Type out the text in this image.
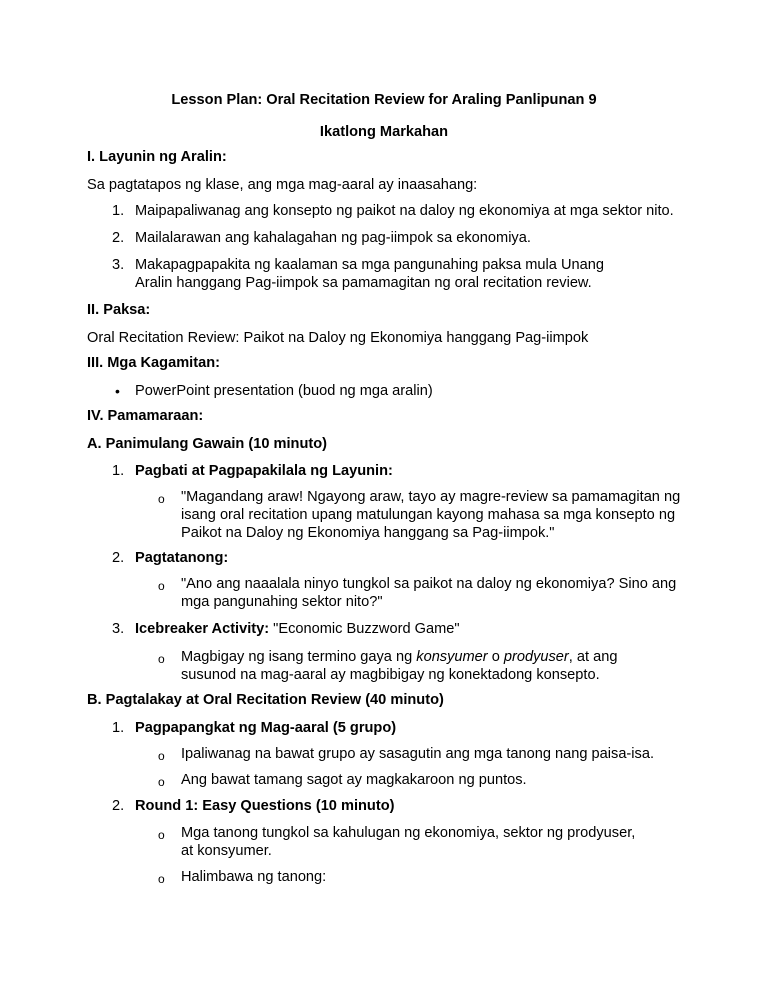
Lesson Plan: Oral Recitation Review for Araling Panlipunan 9

Ikatlong Markahan

I. Layunin ng Aralin:

Sa pagtatapos ng klase, ang mga mag-aaral ay inaasahang:

1. Maipapaliwanag ang konsepto ng paikot na daloy ng ekonomiya at mga sektor nito.

2. Mailalarawan ang kahalagahan ng pag-iimpok sa ekonomiya.

3. Makapagpapakita ng kaalaman sa mga pangunahing paksa mula Unang Aralin hanggang Pag-iimpok sa pamamagitan ng oral recitation review.

II. Paksa:

Oral Recitation Review: Paikot na Daloy ng Ekonomiya hanggang Pag-iimpok

III. Mga Kagamitan:

• PowerPoint presentation (buod ng mga aralin)

IV. Pamamaraan:

A. Panimulang Gawain (10 minuto)

1. Pagbati at Pagpapakilala ng Layunin:

o "Magandang araw! Ngayong araw, tayo ay magre-review sa pamamagitan ng isang oral recitation upang matulungan kayong mahasa sa mga konsepto ng Paikot na Daloy ng Ekonomiya hanggang sa Pag-iimpok."

2. Pagtatanong:

o "Ano ang naaalala ninyo tungkol sa paikot na daloy ng ekonomiya? Sino ang mga pangunahing sektor nito?"

3. Icebreaker Activity: "Economic Buzzword Game"

o Magbigay ng isang termino gaya ng konsyumer o prodyuser, at ang susunod na mag-aaral ay magbibigay ng konektadong konsepto.

B. Pagtalakay at Oral Recitation Review (40 minuto)

1. Pagpapangkat ng Mag-aaral (5 grupo)

o Ipaliwanag na bawat grupo ay sasagutin ang mga tanong nang paisa-isa.

o Ang bawat tamang sagot ay magkakaroon ng puntos.

2. Round 1: Easy Questions (10 minuto)

o Mga tanong tungkol sa kahulugan ng ekonomiya, sektor ng prodyuser, at konsyumer.

o Halimbawa ng tanong:
